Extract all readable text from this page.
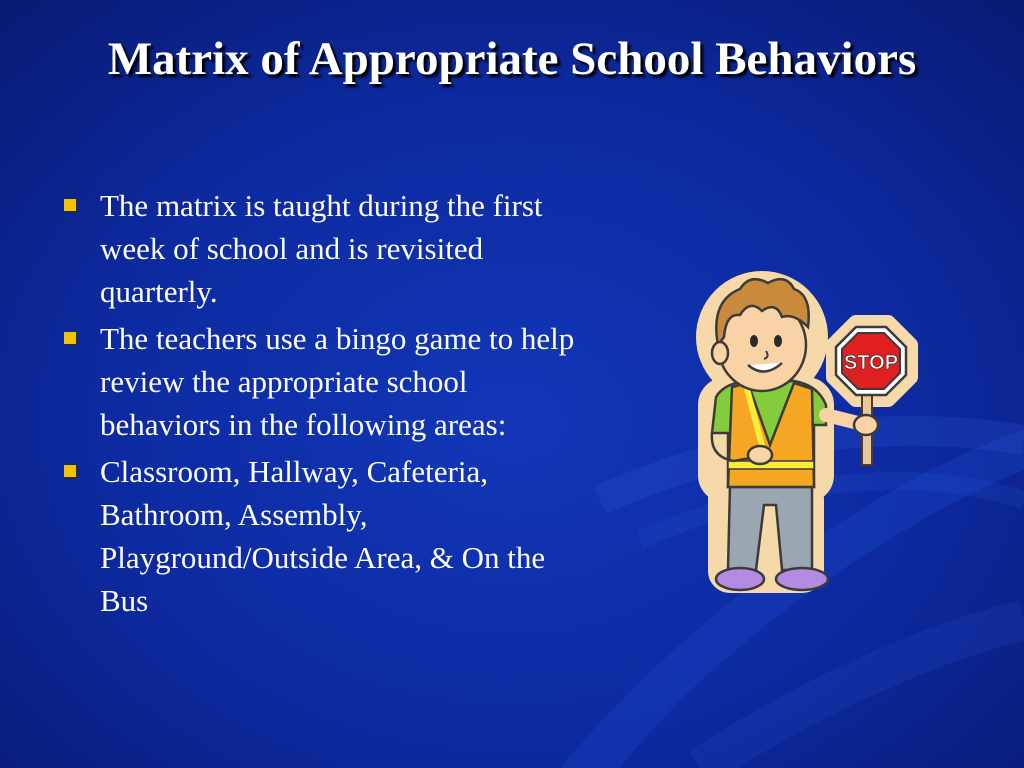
Matrix of Appropriate School Behaviors
The matrix is taught during the first week of school and is revisited quarterly.
The teachers use a bingo game to help review the appropriate school behaviors in the following areas:
Classroom, Hallway, Cafeteria, Bathroom, Assembly, Playground/Outside Area, & On the Bus
STOP
